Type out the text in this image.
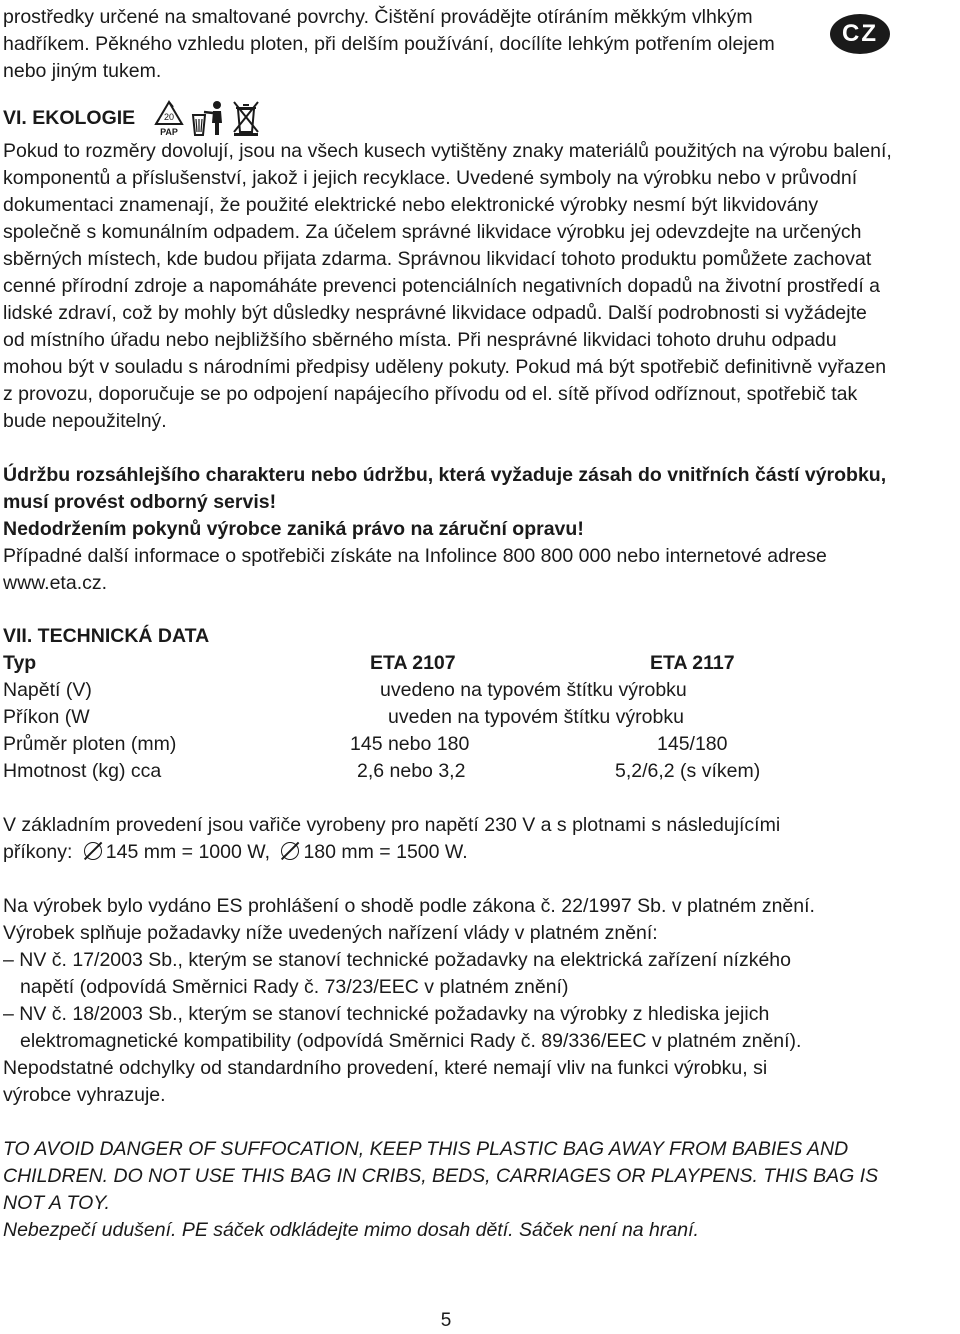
CZ

prostředky určené na smaltované povrchy. Čištění provádějte otíráním měkkým vlhkým hadříkem. Pěkného vzhledu ploten, při delším používání, docílíte lehkým potřením olejem nebo jiným tukem.

VI. EKOLOGIE	20
PAP

Pokud to rozměry dovolují, jsou na všech kusech vytištěny znaky materiálů použitých na výrobu balení, komponentů a příslušenství, jakož i jejich recyklace. Uvedené symboly na výrobku nebo v průvodní dokumentaci znamenají, že použité elektrické nebo elektronické výrobky nesmí být likvidovány společně s komunálním odpadem. Za účelem správné likvidace výrobku jej odevzdejte na určených sběrných místech, kde budou přijata zdarma. Správnou likvidací tohoto produktu pomůžete zachovat cenné přírodní zdroje a napomáháte prevenci potenciálních negativních dopadů na životní prostředí a lidské zdraví, což by mohly být důsledky nesprávné likvidace odpadů. Další podrobnosti si vyžádejte od místního úřadu nebo nejbližšího sběrného místa. Při nesprávné likvidaci tohoto druhu odpadu mohou být v souladu s národními předpisy uděleny pokuty. Pokud má být spotřebič definitivně vyřazen z provozu, doporučuje se po odpojení napájecího přívodu od el. sítě přívod odříznout, spotřebič tak bude nepoužitelný.

Údržbu rozsáhlejšího charakteru nebo údržbu, která vyžaduje zásah do vnitřních částí výrobku, musí provést odborný servis!

Nedodržením pokynů výrobce zaniká právo na záruční opravu!

Případné další informace o spotřebiči získáte na Infolince 800 800 000 nebo internetové adrese www.eta.cz.

VII. TECHNICKÁ DATA

Typ	ETA 2107	ETA 2117
Napětí (V)	uvedeno na typovém štítku výrobku
Příkon (W	uveden na typovém štítku výrobku
Průměr ploten (mm)	145 nebo 180	145/180
Hmotnost (kg) cca	2,6 nebo 3,2	5,2/6,2 (s víkem)

V základním provedení jsou vařiče vyrobeny pro napětí 230 V a s plotnami s následujícími

příkony: 145 mm = 1000 W, 180 mm = 1500 W.

Na výrobek bylo vydáno ES prohlášení o shodě podle zákona č. 22/1997 Sb. v platném znění. Výrobek splňuje požadavky níže uvedených nařízení vlády v platném znění:

– NV č. 17/2003 Sb., kterým se stanoví technické požadavky na elektrická zařízení nízkého napětí (odpovídá Směrnici Rady č. 73/23/EEC v platném znění)

– NV č. 18/2003 Sb., kterým se stanoví technické požadavky na výrobky z hlediska jejich elektromagnetické kompatibility (odpovídá Směrnici Rady č. 89/336/EEC v platném znění).

Nepodstatné odchylky od standardního provedení, které nemají vliv na funkci výrobku, si výrobce vyhrazuje.

TO AVOID DANGER OF SUFFOCATION, KEEP THIS PLASTIC BAG AWAY FROM BABIES AND CHILDREN. DO NOT USE THIS BAG IN CRIBS, BEDS, CARRIAGES OR PLAYPENS. THIS BAG IS NOT A TOY.

Nebezpečí udušení. PE sáček odkládejte mimo dosah dětí. Sáček není na hraní.

5
